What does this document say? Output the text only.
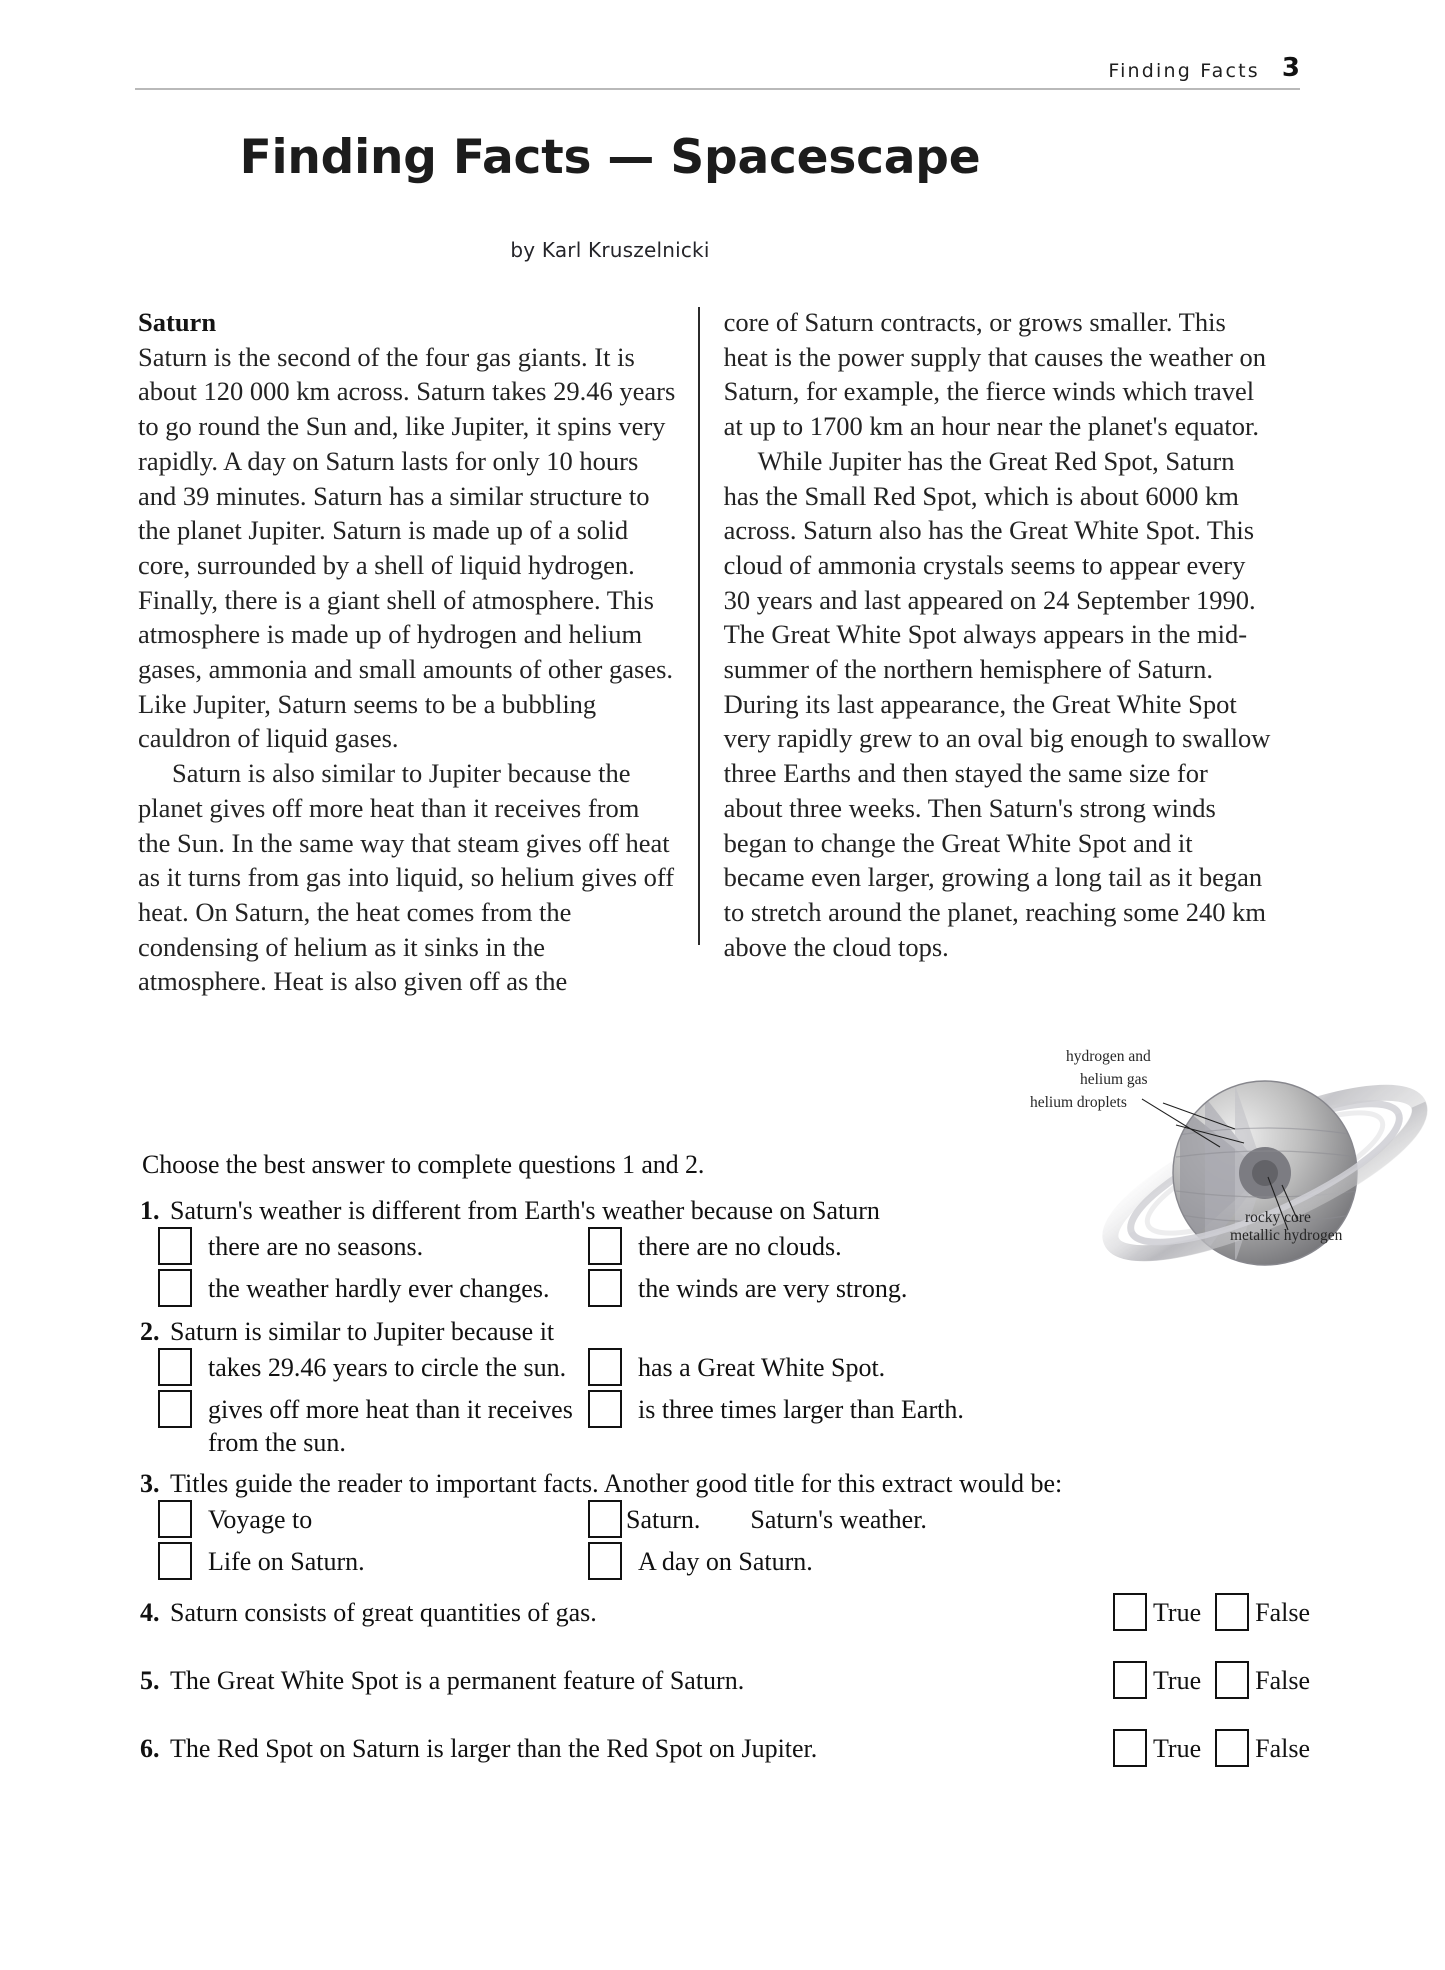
Finding Facts 3
Finding Facts — Spacescape
by Karl Kruszelnicki
Saturn

Saturn is the second of the four gas giants. It is about 120 000 km across. Saturn takes 29.46 years to go round the Sun and, like Jupiter, it spins very rapidly. A day on Saturn lasts for only 10 hours and 39 minutes. Saturn has a similar structure to the planet Jupiter. Saturn is made up of a solid core, surrounded by a shell of liquid hydrogen. Finally, there is a giant shell of atmosphere. This atmosphere is made up of hydrogen and helium gases, ammonia and small amounts of other gases. Like Jupiter, Saturn seems to be a bubbling cauldron of liquid gases.

Saturn is also similar to Jupiter because the planet gives off more heat than it receives from the Sun. In the same way that steam gives off heat as it turns from gas into liquid, so helium gives off heat. On Saturn, the heat comes from the condensing of helium as it sinks in the atmosphere. Heat is also given off as the

core of Saturn contracts, or grows smaller. This heat is the power supply that causes the weather on Saturn, for example, the fierce winds which travel at up to 1700 km an hour near the planet's equator.

While Jupiter has the Great Red Spot, Saturn has the Small Red Spot, which is about 6000 km across. Saturn also has the Great White Spot. This cloud of ammonia crystals seems to appear every 30 years and last appeared on 24 September 1990. The Great White Spot always appears in the mid-summer of the northern hemisphere of Saturn. During its last appearance, the Great White Spot very rapidly grew to an oval big enough to swallow three Earths and then stayed the same size for about three weeks. Then Saturn's strong winds began to change the Great White Spot and it became even larger, growing a long tail as it began to stretch around the planet, reaching some 240 km above the cloud tops.

hydrogen and
helium gas
helium droplets
rocky core
metallic hydrogen
Choose the best answer to complete questions 1 and 2.
1. Saturn's weather is different from Earth's weather because on Saturn
there are no seasons.	there are no clouds.
the weather hardly ever changes.	the winds are very strong.
2. Saturn is similar to Jupiter because it
takes 29.46 years to circle the sun.	has a Great White Spot.
gives off more heat than it receives from the sun.
is three times larger than Earth.
3. Titles guide the reader to important facts. Another good title for this extract would be:
Voyage to	Saturn. Saturn's weather.
Life on Saturn.	A day on Saturn.
4. Saturn consists of great quantities of gas.	True False
5. The Great White Spot is a permanent feature of Saturn.	True False
6. The Red Spot on Saturn is larger than the Red Spot on Jupiter.	True False
